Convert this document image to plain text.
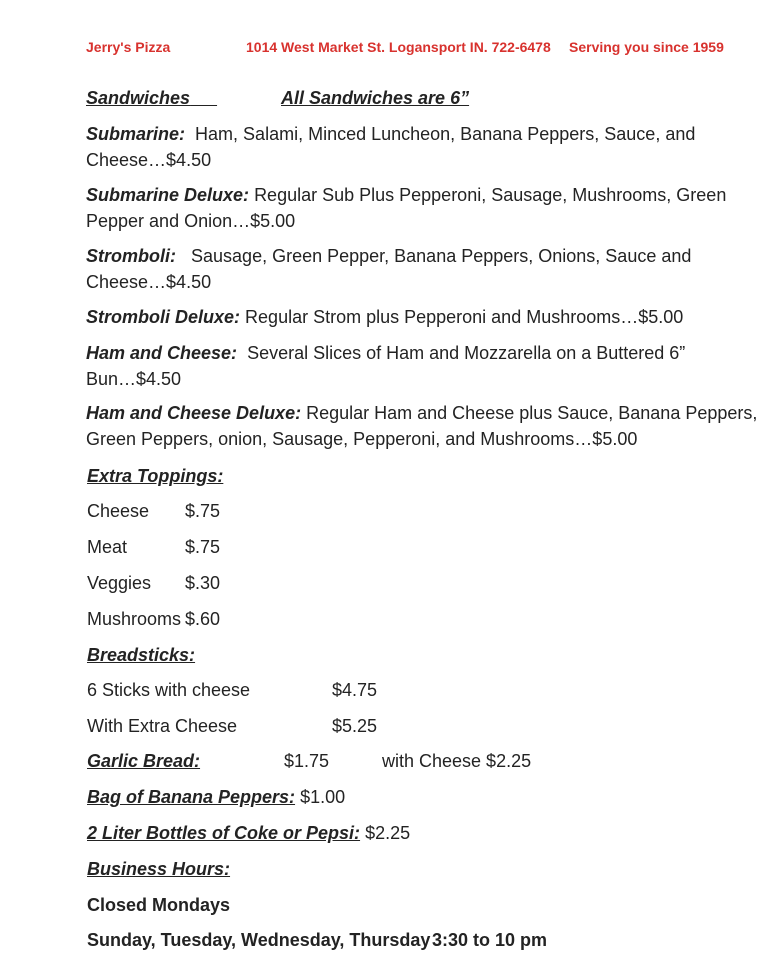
Jerry's Pizza	1014 West Market St. Logansport IN. 722-6478 Serving you since 1959
Sandwiches  	All Sandwiches are 6”
Submarine: Ham, Salami, Minced Luncheon, Banana Peppers, Sauce, and
Cheese…$4.50
Submarine Deluxe: Regular Sub Plus Pepperoni, Sausage, Mushrooms, Green
Pepper and Onion…$5.00
Stromboli: Sausage, Green Pepper, Banana Peppers, Onions, Sauce and
Cheese…$4.50
Stromboli Deluxe: Regular Strom plus Pepperoni and Mushrooms…$5.00
Ham and Cheese: Several Slices of Ham and Mozzarella on a Buttered 6”
Bun…$4.50
Ham and Cheese Deluxe: Regular Ham and Cheese plus Sauce, Banana Peppers,
Green Peppers, onion, Sausage, Pepperoni, and Mushrooms…$5.00
Extra Toppings:
Cheese $.75
Meat	$.75
Veggies $.30
Mushrooms $.60
Breadsticks:
6 Sticks with cheese	$4.75
With Extra Cheese	$5.25
Garlic Bread:	$1.75	with Cheese $2.25
Bag of Banana Peppers: $1.00
2 Liter Bottles of Coke or Pepsi: $2.25
Business Hours:
Closed Mondays
Sunday, Tuesday, Wednesday, Thursday 3:30 to 10 pm
